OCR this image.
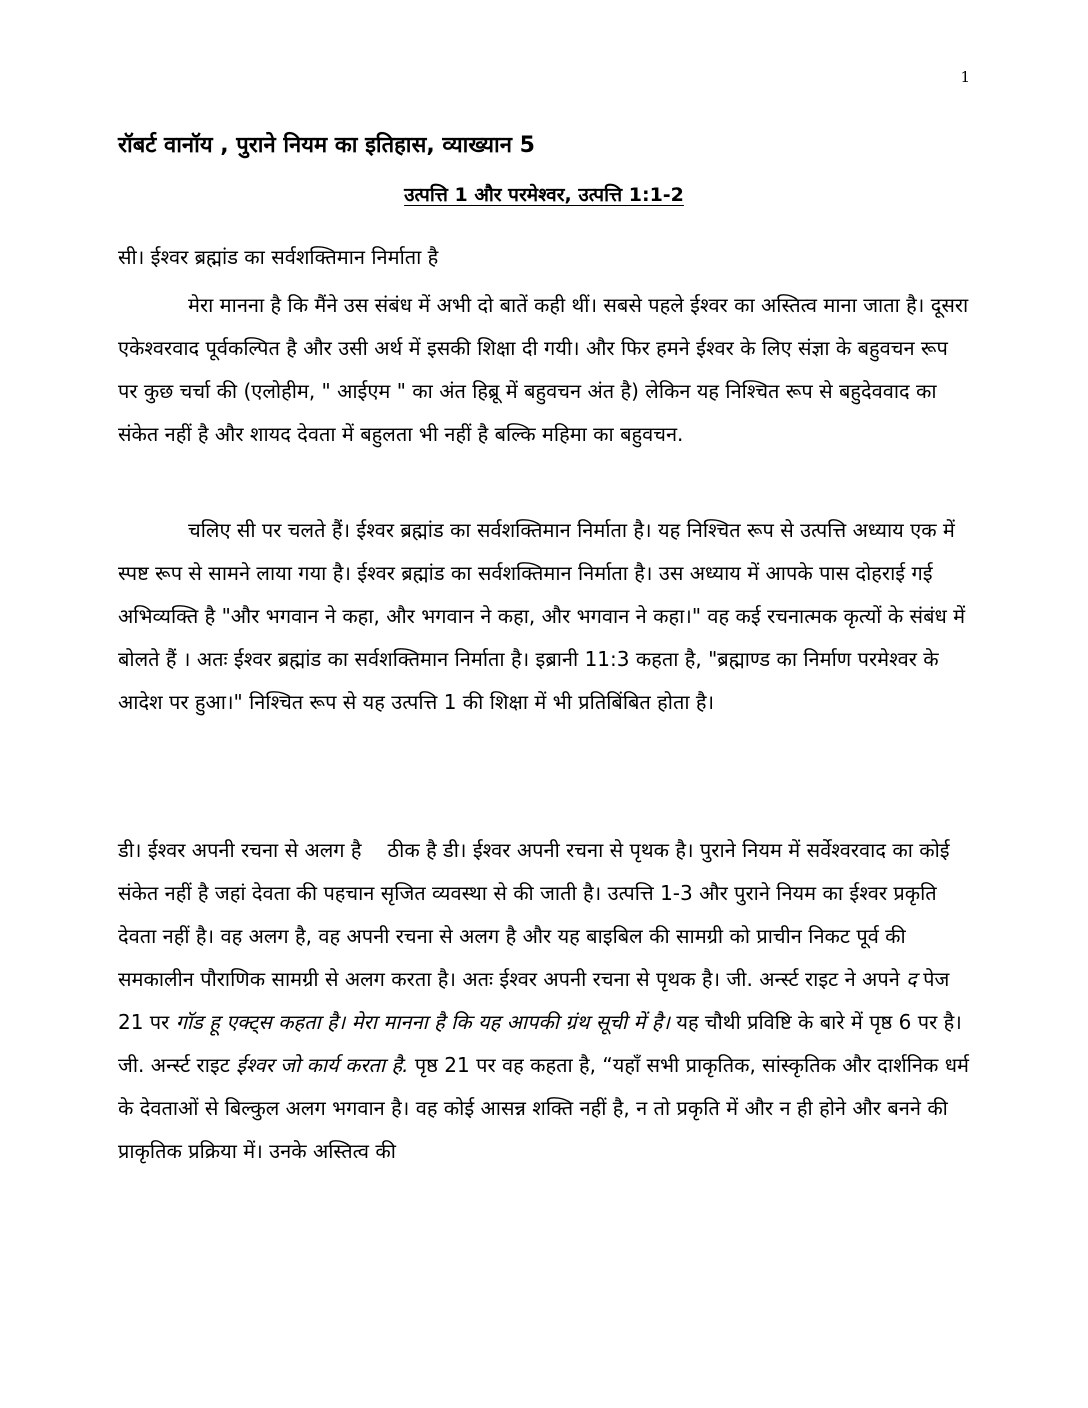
1
रॉबर्ट वानॉय , पुराने नियम का इतिहास, व्याख्यान 5
उत्पत्ति 1 और परमेश्वर, उत्पत्ति 1:1-2
सी। ईश्वर ब्रह्मांड का सर्वशक्तिमान निर्माता है

मेरा मानना है कि मैंने उस संबंध में अभी दो बातें कही थीं। सबसे पहले ईश्वर का अस्तित्व माना जाता है। दूसरा एकेश्वरवाद पूर्वकल्पित है और उसी अर्थ में इसकी शिक्षा दी गयी। और फिर हमने ईश्वर के लिए संज्ञा के बहुवचन रूप पर कुछ चर्चा की (एलोहीम, " आईएम " का अंत हिब्रू में बहुवचन अंत है) लेकिन यह निश्चित रूप से बहुदेववाद का संकेत नहीं है और शायद देवता में बहुलता भी नहीं है बल्कि महिमा का बहुवचन.

चलिए सी पर चलते हैं। ईश्वर ब्रह्मांड का सर्वशक्तिमान निर्माता है। यह निश्चित रूप से उत्पत्ति अध्याय एक में स्पष्ट रूप से सामने लाया गया है। ईश्वर ब्रह्मांड का सर्वशक्तिमान निर्माता है। उस अध्याय में आपके पास दोहराई गई अभिव्यक्ति है "और भगवान ने कहा, और भगवान ने कहा, और भगवान ने कहा।" वह कई रचनात्मक कृत्यों के संबंध में बोलते हैं । अतः ईश्वर ब्रह्मांड का सर्वशक्तिमान निर्माता है। इब्रानी 11:3 कहता है, "ब्रह्माण्ड का निर्माण परमेश्वर के आदेश पर हुआ।" निश्चित रूप से यह उत्पत्ति 1 की शिक्षा में भी प्रतिबिंबित होता है।

डी। ईश्वर अपनी रचना से अलग है ठीक है डी। ईश्वर अपनी रचना से पृथक है। पुराने नियम में सर्वेश्वरवाद का कोई संकेत नहीं है जहां देवता की पहचान सृजित व्यवस्था से की जाती है। उत्पत्ति 1-3 और पुराने नियम का ईश्वर प्रकृति देवता नहीं है। वह अलग है, वह अपनी रचना से अलग है और यह बाइबिल की सामग्री को प्राचीन निकट पूर्व की समकालीन पौराणिक सामग्री से अलग करता है। अतः ईश्वर अपनी रचना से पृथक है। जी. अर्न्स्ट राइट ने अपने द पेज 21 पर गॉड हू एक्ट्स कहता है। मेरा मानना है कि यह आपकी ग्रंथ सूची में है। यह चौथी प्रविष्टि के बारे में पृष्ठ 6 पर है। जी. अर्न्स्ट राइट ईश्वर जो कार्य करता है. पृष्ठ 21 पर वह कहता है, “यहाँ सभी प्राकृतिक, सांस्कृतिक और दार्शनिक धर्म के देवताओं से बिल्कुल अलग भगवान है। वह कोई आसन्न शक्ति नहीं है, न तो प्रकृति में और न ही होने और बनने की प्राकृतिक प्रक्रिया में। उनके अस्तित्व की
